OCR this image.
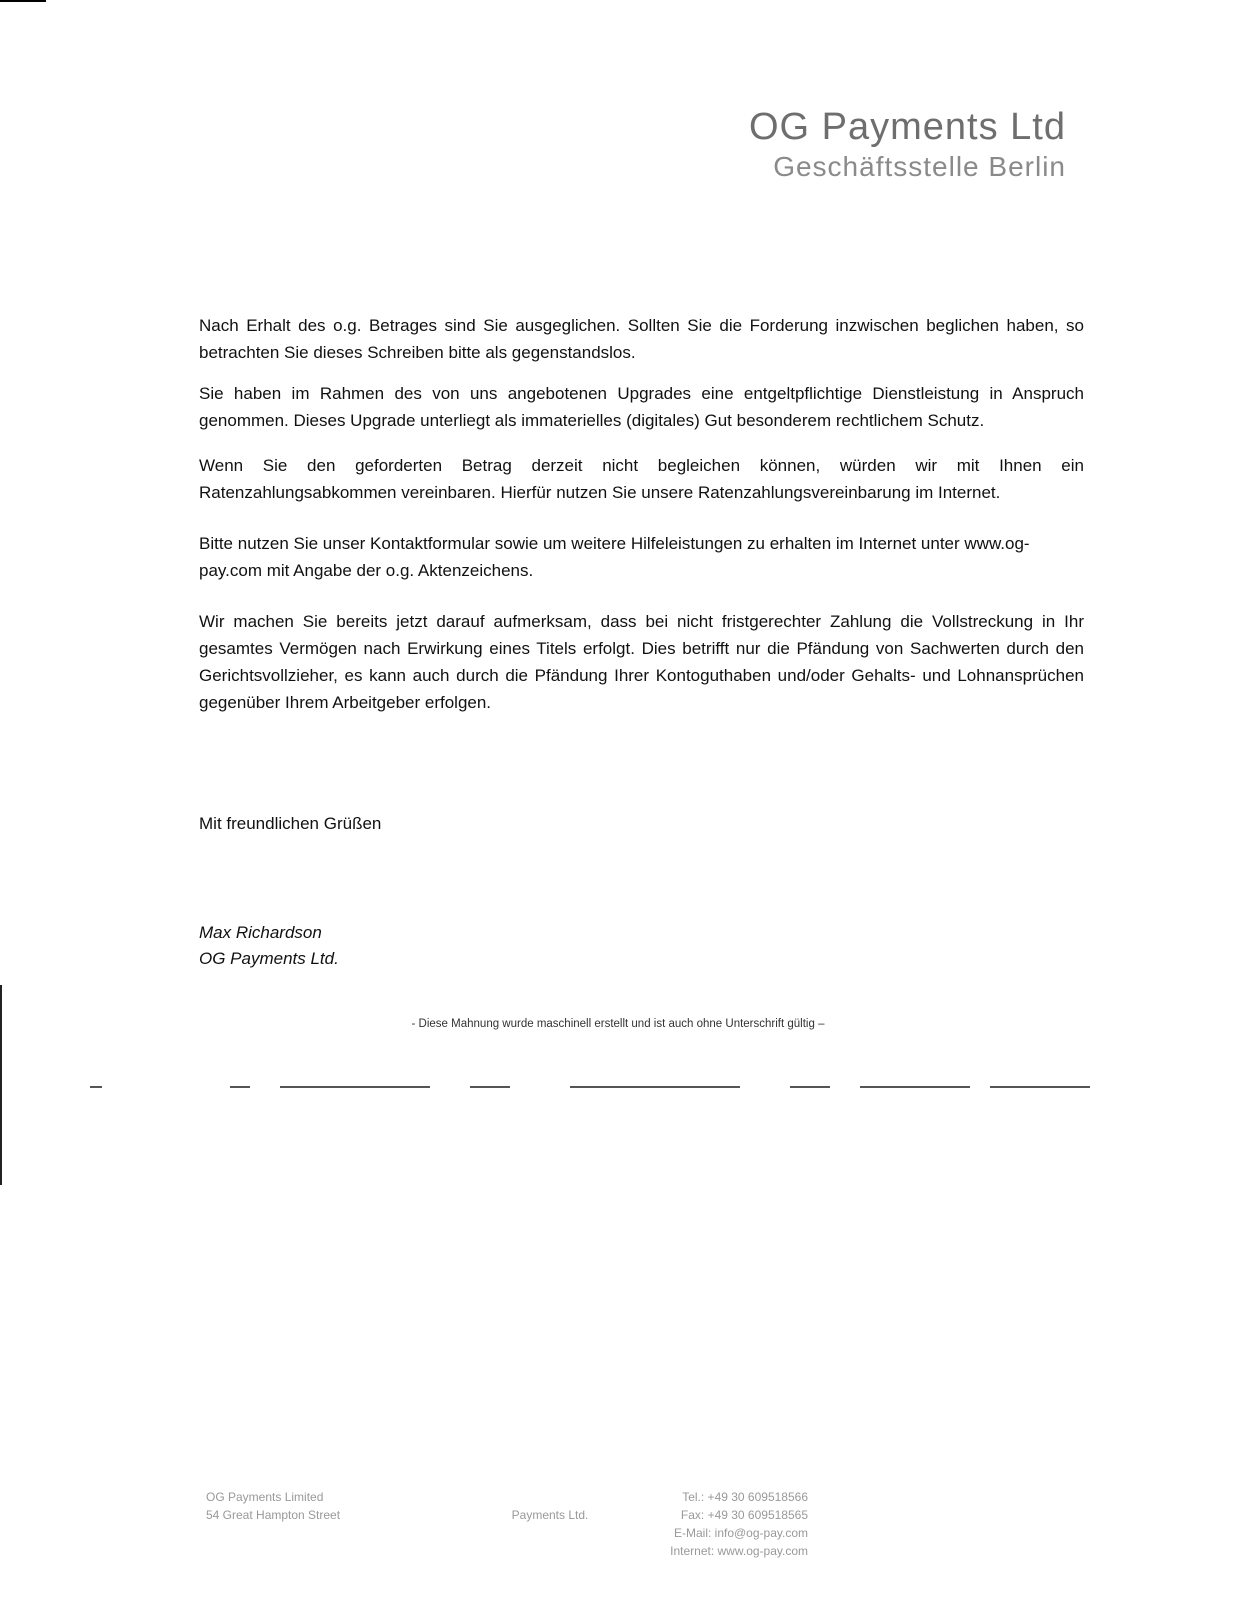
OG Payments Ltd
Geschäftsstelle Berlin

Nach Erhalt des o.g. Betrages sind Sie ausgeglichen. Sollten Sie die Forderung inzwischen beglichen haben, so betrachten Sie dieses Schreiben bitte als gegenstandslos.

Sie haben im Rahmen des von uns angebotenen Upgrades eine entgeltpflichtige Dienstleistung in Anspruch genommen. Dieses Upgrade unterliegt als immaterielles (digitales) Gut besonderem rechtlichem Schutz.

Wenn Sie den geforderten Betrag derzeit nicht begleichen können, würden wir mit Ihnen ein Ratenzahlungsabkommen vereinbaren. Hierfür nutzen Sie unsere Ratenzahlungsvereinbarung im Internet.

Bitte nutzen Sie unser Kontaktformular sowie um weitere Hilfeleistungen zu erhalten im Internet unter www.og-pay.com mit Angabe der o.g. Aktenzeichens.

Wir machen Sie bereits jetzt darauf aufmerksam, dass bei nicht fristgerechter Zahlung die Vollstreckung in Ihr gesamtes Vermögen nach Erwirkung eines Titels erfolgt. Dies betrifft nur die Pfändung von Sachwerten durch den Gerichtsvollzieher, es kann auch durch die Pfändung Ihrer Kontoguthaben und/oder Gehalts- und Lohnansprüchen gegenüber Ihrem Arbeitgeber erfolgen.

Mit freundlichen Grüßen
Max Richardson
OG Payments Ltd.
- Diese Mahnung wurde maschinell erstellt und ist auch ohne Unterschrift gültig –
OG Payments Limited
54 Great Hampton Street	Payments Ltd.
Tel.: +49 30 609518566
Fax: +49 30 609518565
E-Mail: info@og-pay.com
Internet: www.og-pay.com
